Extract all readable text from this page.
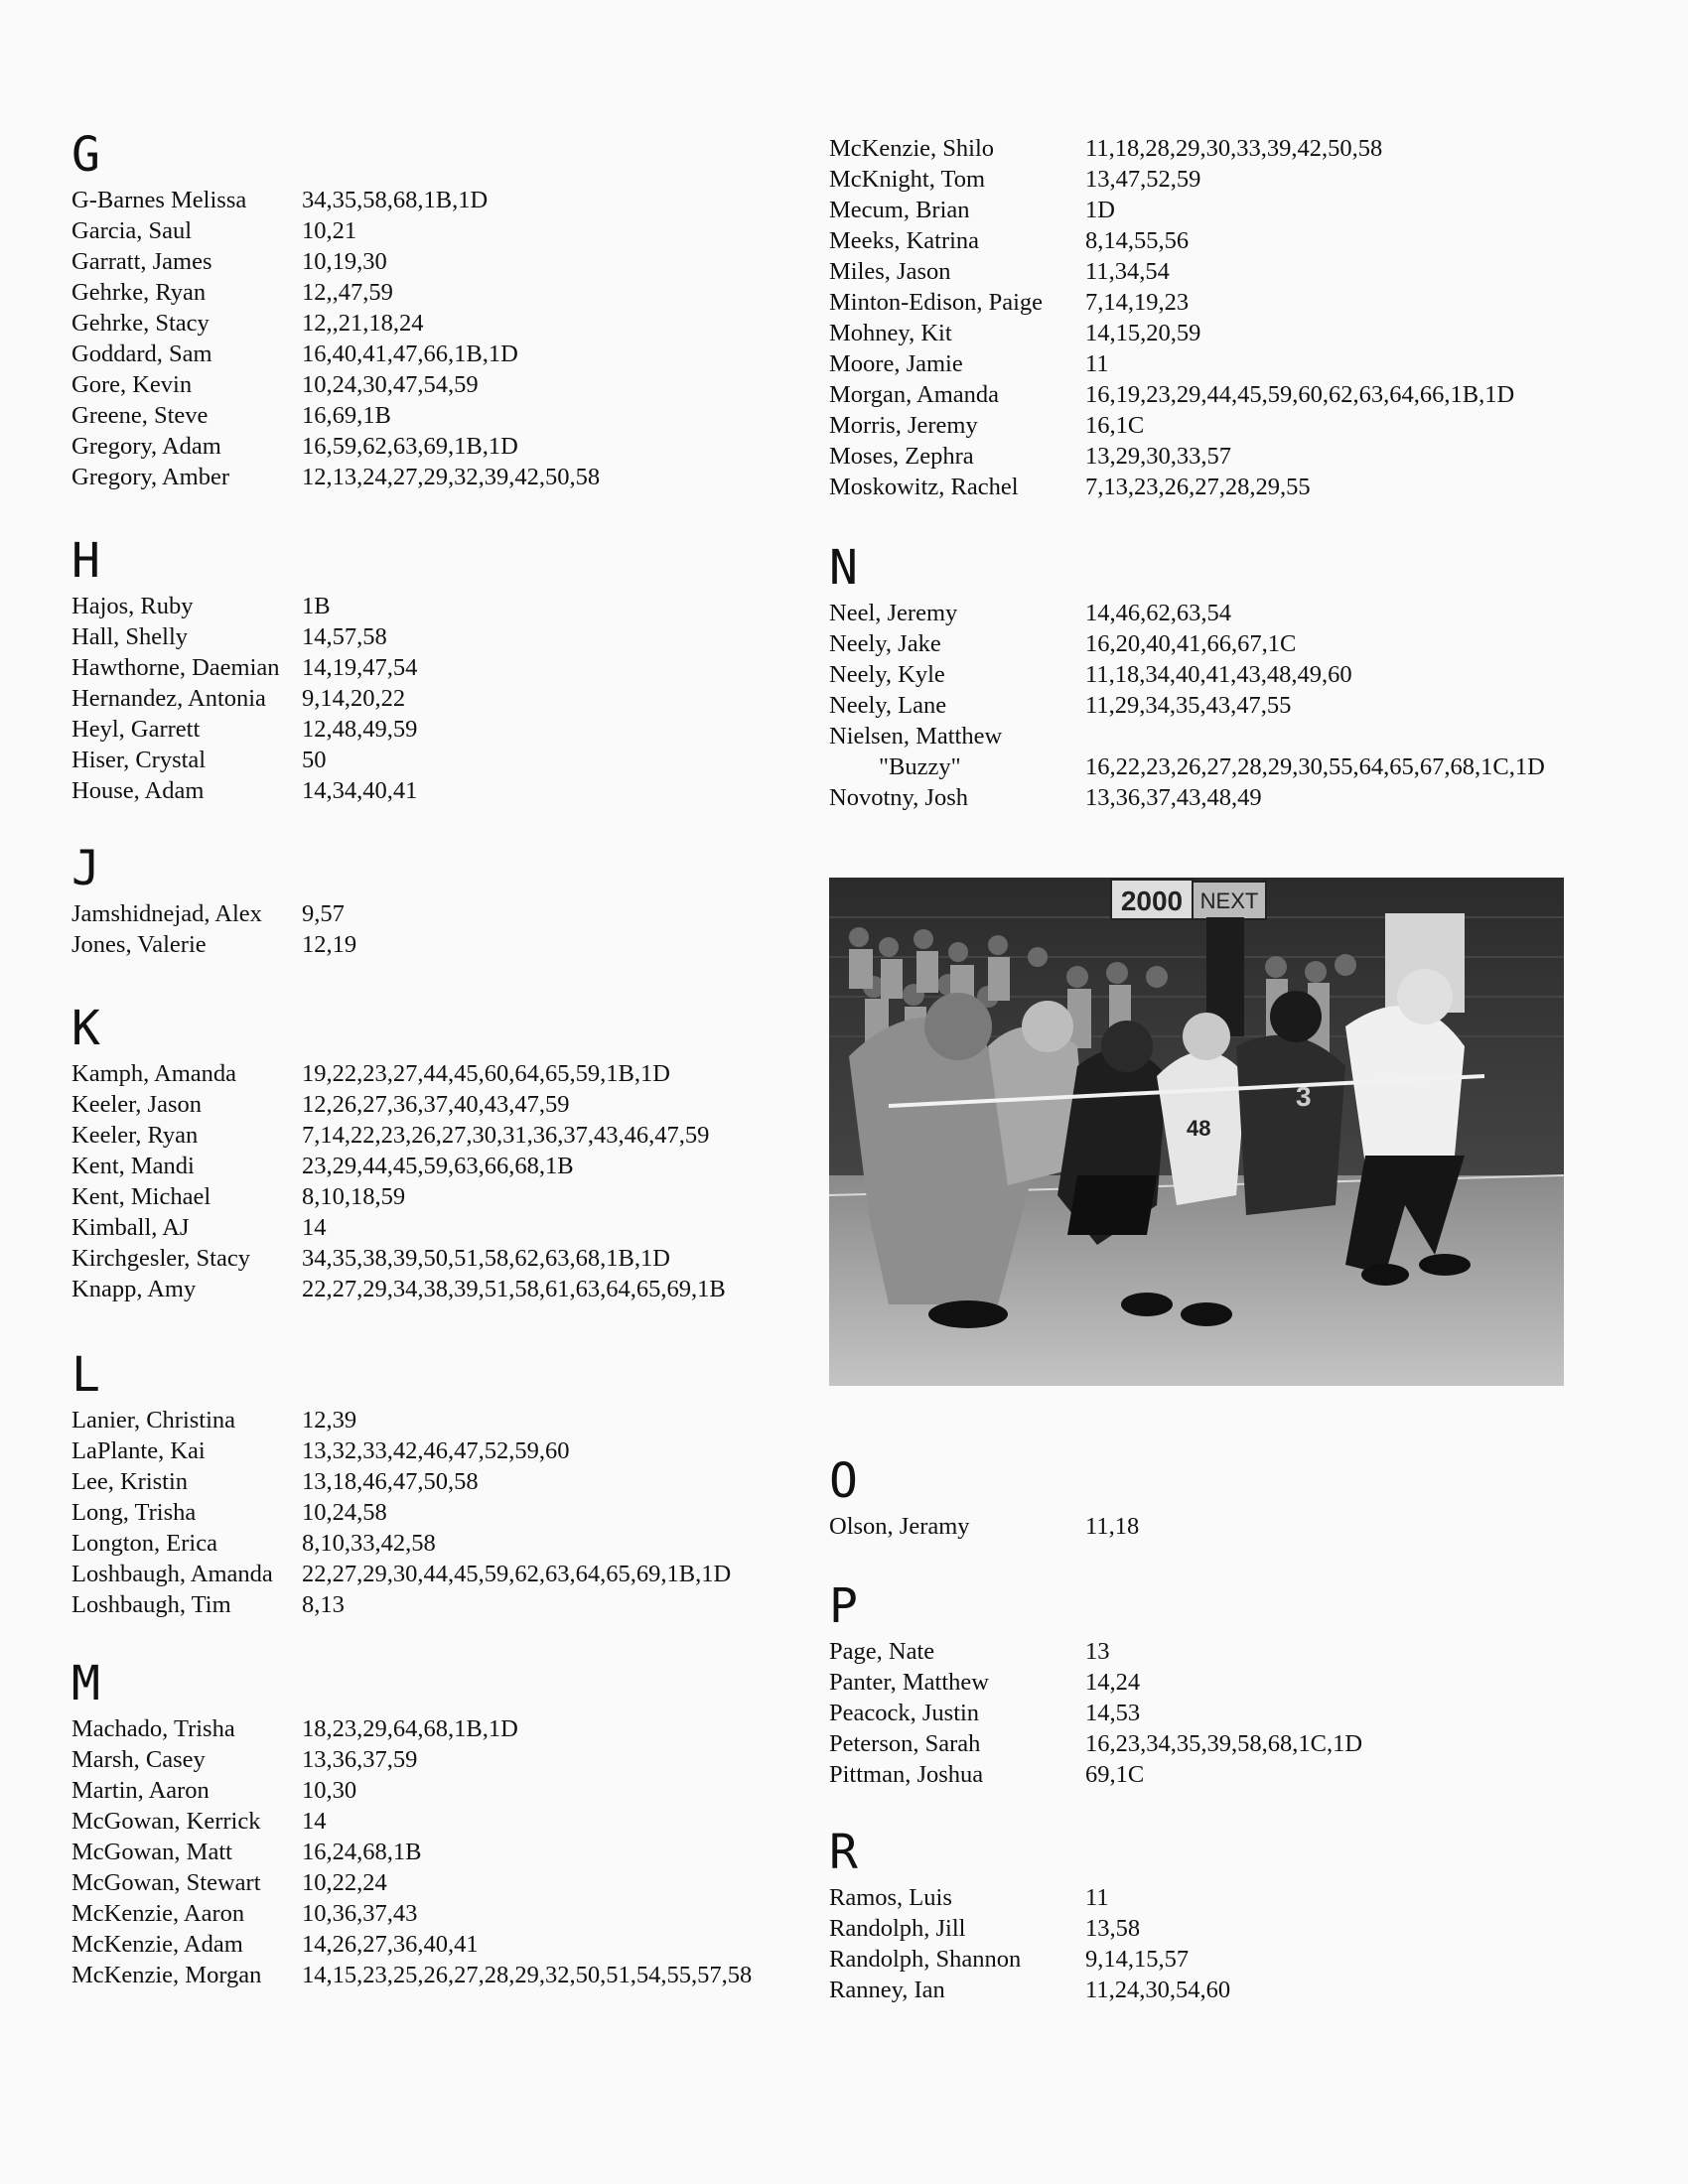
G
G-Barnes Melissa	34,35,58,68,1B,1D
Garcia, Saul	10,21
Garratt, James	10,19,30
Gehrke, Ryan	12,,47,59
Gehrke, Stacy	12,,21,18,24
Goddard, Sam	16,40,41,47,66,1B,1D
Gore, Kevin	10,24,30,47,54,59
Greene, Steve	16,69,1B
Gregory, Adam	16,59,62,63,69,1B,1D
Gregory, Amber	12,13,24,27,29,32,39,42,50,58
H
Hajos, Ruby	1B
Hall, Shelly	14,57,58
Hawthorne, Daemian 14,19,47,54
Hernandez, Antonia	9,14,20,22
Heyl, Garrett	12,48,49,59
Hiser, Crystal	50
House, Adam	14,34,40,41
J
Jamshidnejad, Alex	9,57
Jones, Valerie	12,19
K
Kamph, Amanda	19,22,23,27,44,45,60,64,65,59,1B,1D
Keeler, Jason	12,26,27,36,37,40,43,47,59
Keeler, Ryan	7,14,22,23,26,27,30,31,36,37,43,46,47,59
Kent, Mandi	23,29,44,45,59,63,66,68,1B
Kent, Michael	8,10,18,59
Kimball, AJ	14
Kirchgesler, Stacy	34,35,38,39,50,51,58,62,63,68,1B,1D
Knapp, Amy	22,27,29,34,38,39,51,58,61,63,64,65,69,1B
L
Lanier, Christina	12,39
LaPlante, Kai	13,32,33,42,46,47,52,59,60
Lee, Kristin	13,18,46,47,50,58
Long, Trisha	10,24,58
Longton, Erica	8,10,33,42,58
Loshbaugh, Amanda	22,27,29,30,44,45,59,62,63,64,65,69,1B,1D
Loshbaugh, Tim	8,13
M
Machado, Trisha	18,23,29,64,68,1B,1D
Marsh, Casey	13,36,37,59
Martin, Aaron	10,30
McGowan, Kerrick	14
McGowan, Matt	16,24,68,1B
McGowan, Stewart	10,22,24
McKenzie, Aaron	10,36,37,43
McKenzie, Adam	14,26,27,36,40,41
McKenzie, Morgan	14,15,23,25,26,27,28,29,32,50,51,54,55,57,58
McKenzie, Shilo	11,18,28,29,30,33,39,42,50,58
McKnight, Tom	13,47,52,59
Mecum, Brian	1D
Meeks, Katrina	8,14,55,56
Miles, Jason	11,34,54
Minton-Edison, Paige	7,14,19,23
Mohney, Kit	14,15,20,59
Moore, Jamie	11
Morgan, Amanda	16,19,23,29,44,45,59,60,62,63,64,66,1B,1D
Morris, Jeremy	16,1C
Moses, Zephra	13,29,30,33,57
Moskowitz, Rachel	7,13,23,26,27,28,29,55
N
Neel, Jeremy	14,46,62,63,54
Neely, Jake	16,20,40,41,66,67,1C
Neely, Kyle	11,18,34,40,41,43,48,49,60
Neely, Lane	11,29,34,35,43,47,55
Nielsen, Matthew
"Buzzy"	16,22,23,26,27,28,29,30,55,64,65,67,68,1C,1D
Novotny, Josh	13,36,37,43,48,49
O
Olson, Jeramy	11,18
P
Page, Nate	13
Panter, Matthew	14,24
Peacock, Justin	14,53
Peterson, Sarah	16,23,34,35,39,58,68,1C,1D
Pittman, Joshua	69,1C
R
Ramos, Luis	11
Randolph, Jill	13,58
Randolph, Shannon	9,14,15,57
Ranney, Ian	11,24,30,54,60
2000 NEXT
48
3
